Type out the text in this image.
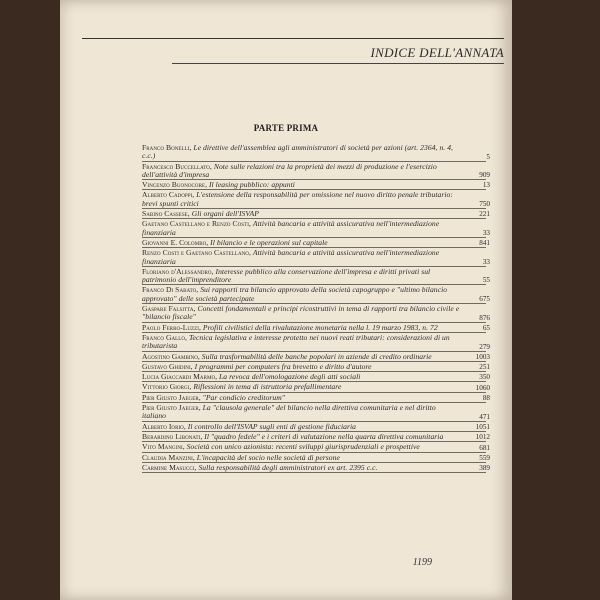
INDICE DELL'ANNATA
PARTE PRIMA
Franco Bonelli, Le direttive dell'assemblea agli amministratori di società per azioni (art. 2364, n. 4, c.c.)	5
Francesco Buccellato, Note sulle relazioni tra la proprietà dei mezzi di produzione e l'esercizio dell'attività d'impresa	909
Vincenzo Buonocore, Il leasing pubblico: appunti	13
Alberto Cadoppi, L'estensione della responsabilità per omissione nel nuovo diritto penale tributario: brevi spunti critici	750
Sabino Cassese, Gli organi dell'ISVAP	221
Gaetano Castellano e Renzo Costi, Attività bancaria e attività assicurativa nell'intermediazione finanziaria	33
Giovanni E. Colombo, Il bilancio e le operazioni sul capitale	841
Renzo Costi e Gaetano Castellano, Attività bancaria e attività assicurativa nell'intermediazione finanziaria	33
Floriano d'Alessandro, Interesse pubblico alla conservazione dell'impresa e diritti privati sul patrimonio dell'imprenditore	55
Franco Di Sabato, Sui rapporti tra bilancio approvato della società capogruppo e "ultimo bilancio approvato" delle società partecipate	675
Gaspare Falsitta, Concetti fondamentali e principi ricostruttivi in tema di rapporti tra bilancio civile e "bilancio fiscale"	876
Paolo Ferro-Luzzi, Profili civilistici della rivalutazione monetaria nella l. 19 marzo 1983, n. 72	65
Franco Gallo, Tecnica legislativa e interesse protetto nei nuovi reati tributari: considerazioni di un tributarista	279
Agostino Gambino, Sulla trasformabilità delle banche popolari in aziende di credito ordinarie	1003
Gustavo Ghidini, I programmi per computers fra brevetto e diritto d'autore	251
Lucia Giaccardi Marmo, La revoca dell'omologazione degli atti sociali	350
Vittorio Giorgi, Riflessioni in tema di istruttoria prefallimentare	1060
Pier Giusto Jaeger, "Par condicio creditorum"	88
Pier Giusto Jaeger, La "clausola generale" del bilancio nella direttiva comunitaria e nel diritto italiano	471
Alberto Iorio, Il controllo dell'ISVAP sugli enti di gestione fiduciaria	1051
Berardino Libonati, Il "quadro fedele" e i criteri di valutazione nella quarta direttiva comunitaria	1012
Vito Mangini, Società con unico azionista: recenti sviluppi giurisprudenziali e prospettive	681
Claudia Manzini, L'incapacità del socio nelle società di persone	559
Carmine Masucci, Sulla responsabilità degli amministratori ex art. 2395 c.c.	389
1199
